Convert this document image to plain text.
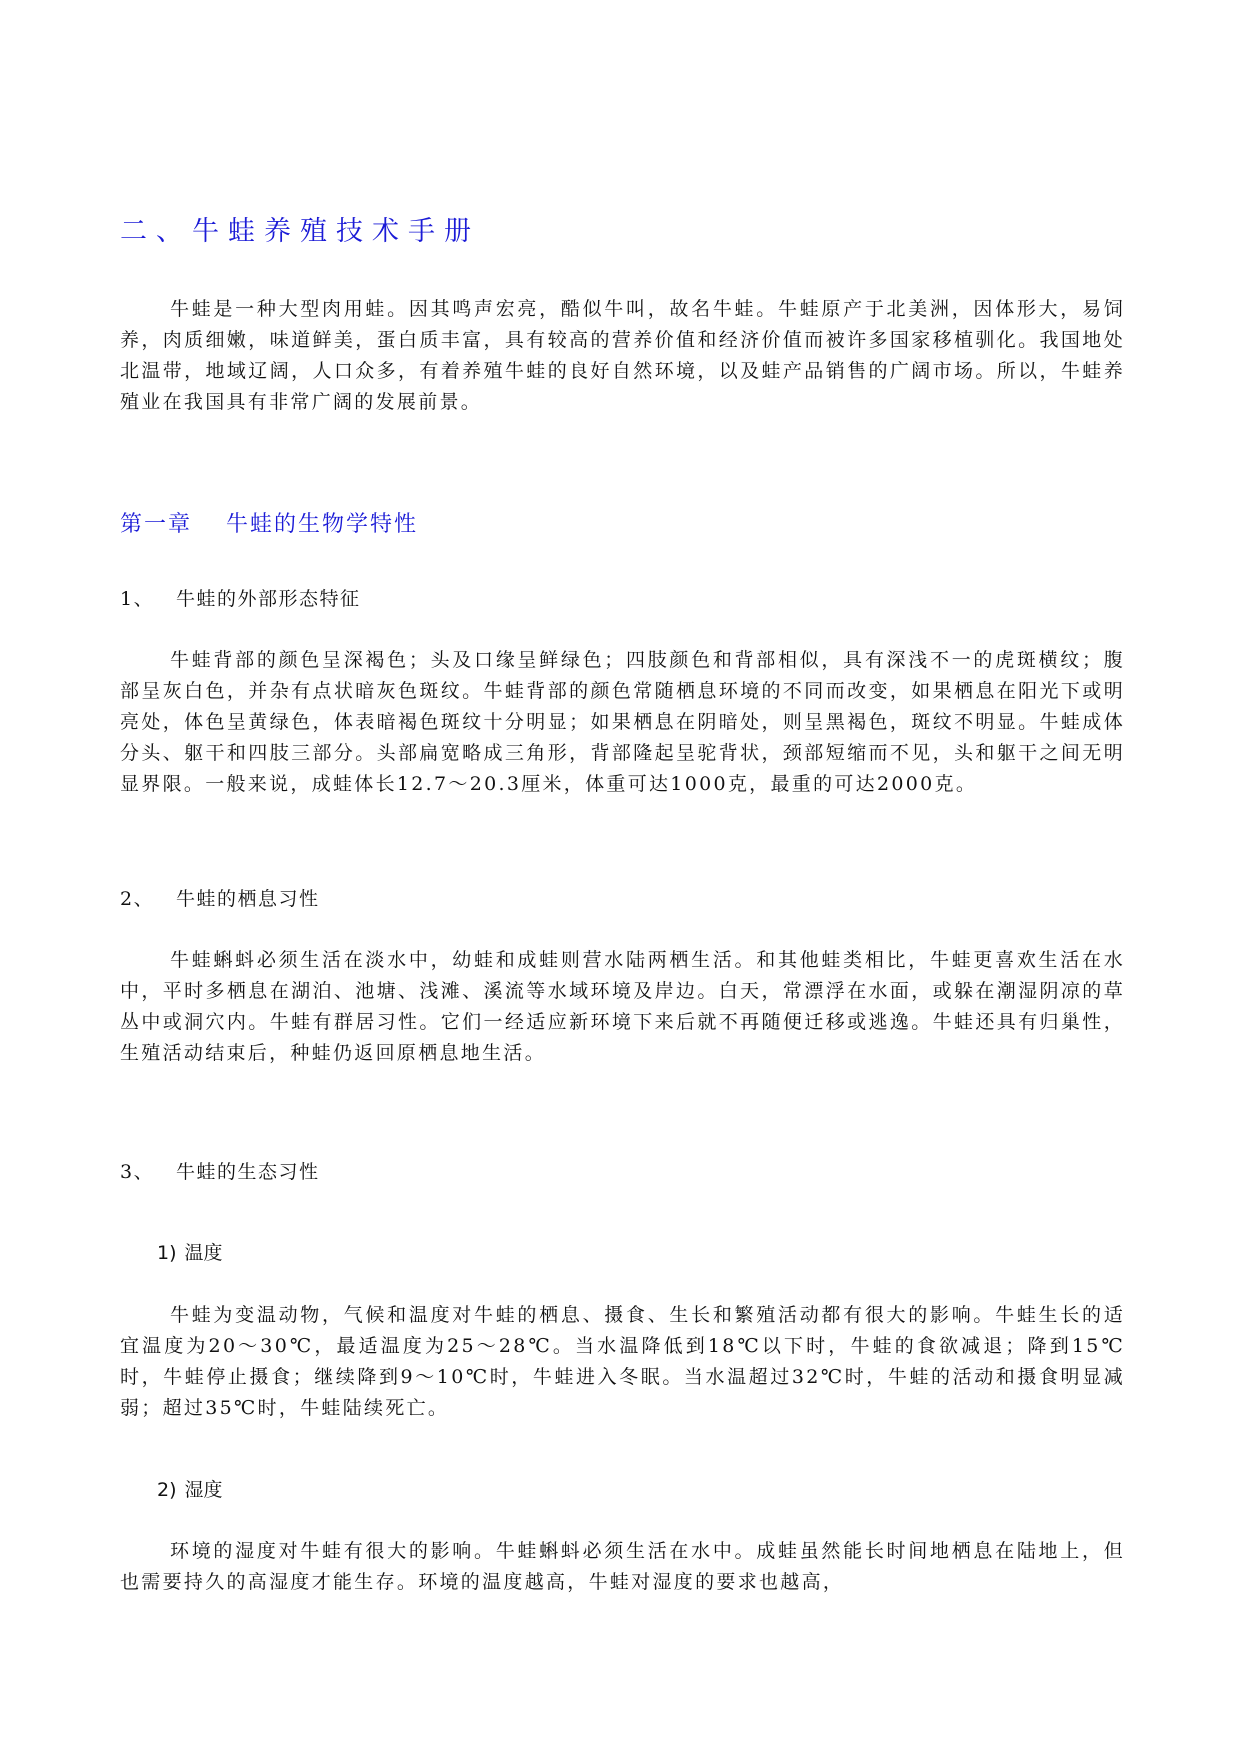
二、牛蛙养殖技术手册

牛蛙是一种大型肉用蛙。因其鸣声宏亮，酷似牛叫，故名牛蛙。牛蛙原产于北美洲，因体形大，易饲养，肉质细嫩，味道鲜美，蛋白质丰富，具有较高的营养价值和经济价值而被许多国家移植驯化。我国地处北温带，地域辽阔，人口众多，有着养殖牛蛙的良好自然环境，以及蛙产品销售的广阔市场。所以，牛蛙养殖业在我国具有非常广阔的发展前景。

第一章 牛蛙的生物学特性
1、 牛蛙的外部形态特征

牛蛙背部的颜色呈深褐色；头及口缘呈鲜绿色；四肢颜色和背部相似，具有深浅不一的虎斑横纹；腹部呈灰白色，并杂有点状暗灰色斑纹。牛蛙背部的颜色常随栖息环境的不同而改变，如果栖息在阳光下或明亮处，体色呈黄绿色，体表暗褐色斑纹十分明显；如果栖息在阴暗处，则呈黑褐色，斑纹不明显。牛蛙成体分头、躯干和四肢三部分。头部扁宽略成三角形，背部隆起呈驼背状，颈部短缩而不见，头和躯干之间无明显界限。一般来说，成蛙体长12.7～20.3厘米，体重可达1000克，最重的可达2000克。

2、 牛蛙的栖息习性

牛蛙蝌蚪必须生活在淡水中，幼蛙和成蛙则营水陆两栖生活。和其他蛙类相比，牛蛙更喜欢生活在水中，平时多栖息在湖泊、池塘、浅滩、溪流等水域环境及岸边。白天，常漂浮在水面，或躲在潮湿阴凉的草丛中或洞穴内。牛蛙有群居习性。它们一经适应新环境下来后就不再随便迁移或逃逸。牛蛙还具有归巢性，生殖活动结束后，种蛙仍返回原栖息地生活。

3、 牛蛙的生态习性
1) 温度

牛蛙为变温动物，气候和温度对牛蛙的栖息、摄食、生长和繁殖活动都有很大的影响。牛蛙生长的适宜温度为20～30℃，最适温度为25～28℃。当水温降低到18℃以下时，牛蛙的食欲减退；降到15℃时，牛蛙停止摄食；继续降到9～10℃时，牛蛙进入冬眠。当水温超过32℃时，牛蛙的活动和摄食明显减弱；超过35℃时，牛蛙陆续死亡。

2) 湿度

环境的湿度对牛蛙有很大的影响。牛蛙蝌蚪必须生活在水中。成蛙虽然能长时间地栖息在陆地上，但也需要持久的高湿度才能生存。环境的温度越高，牛蛙对湿度的要求也越高，
